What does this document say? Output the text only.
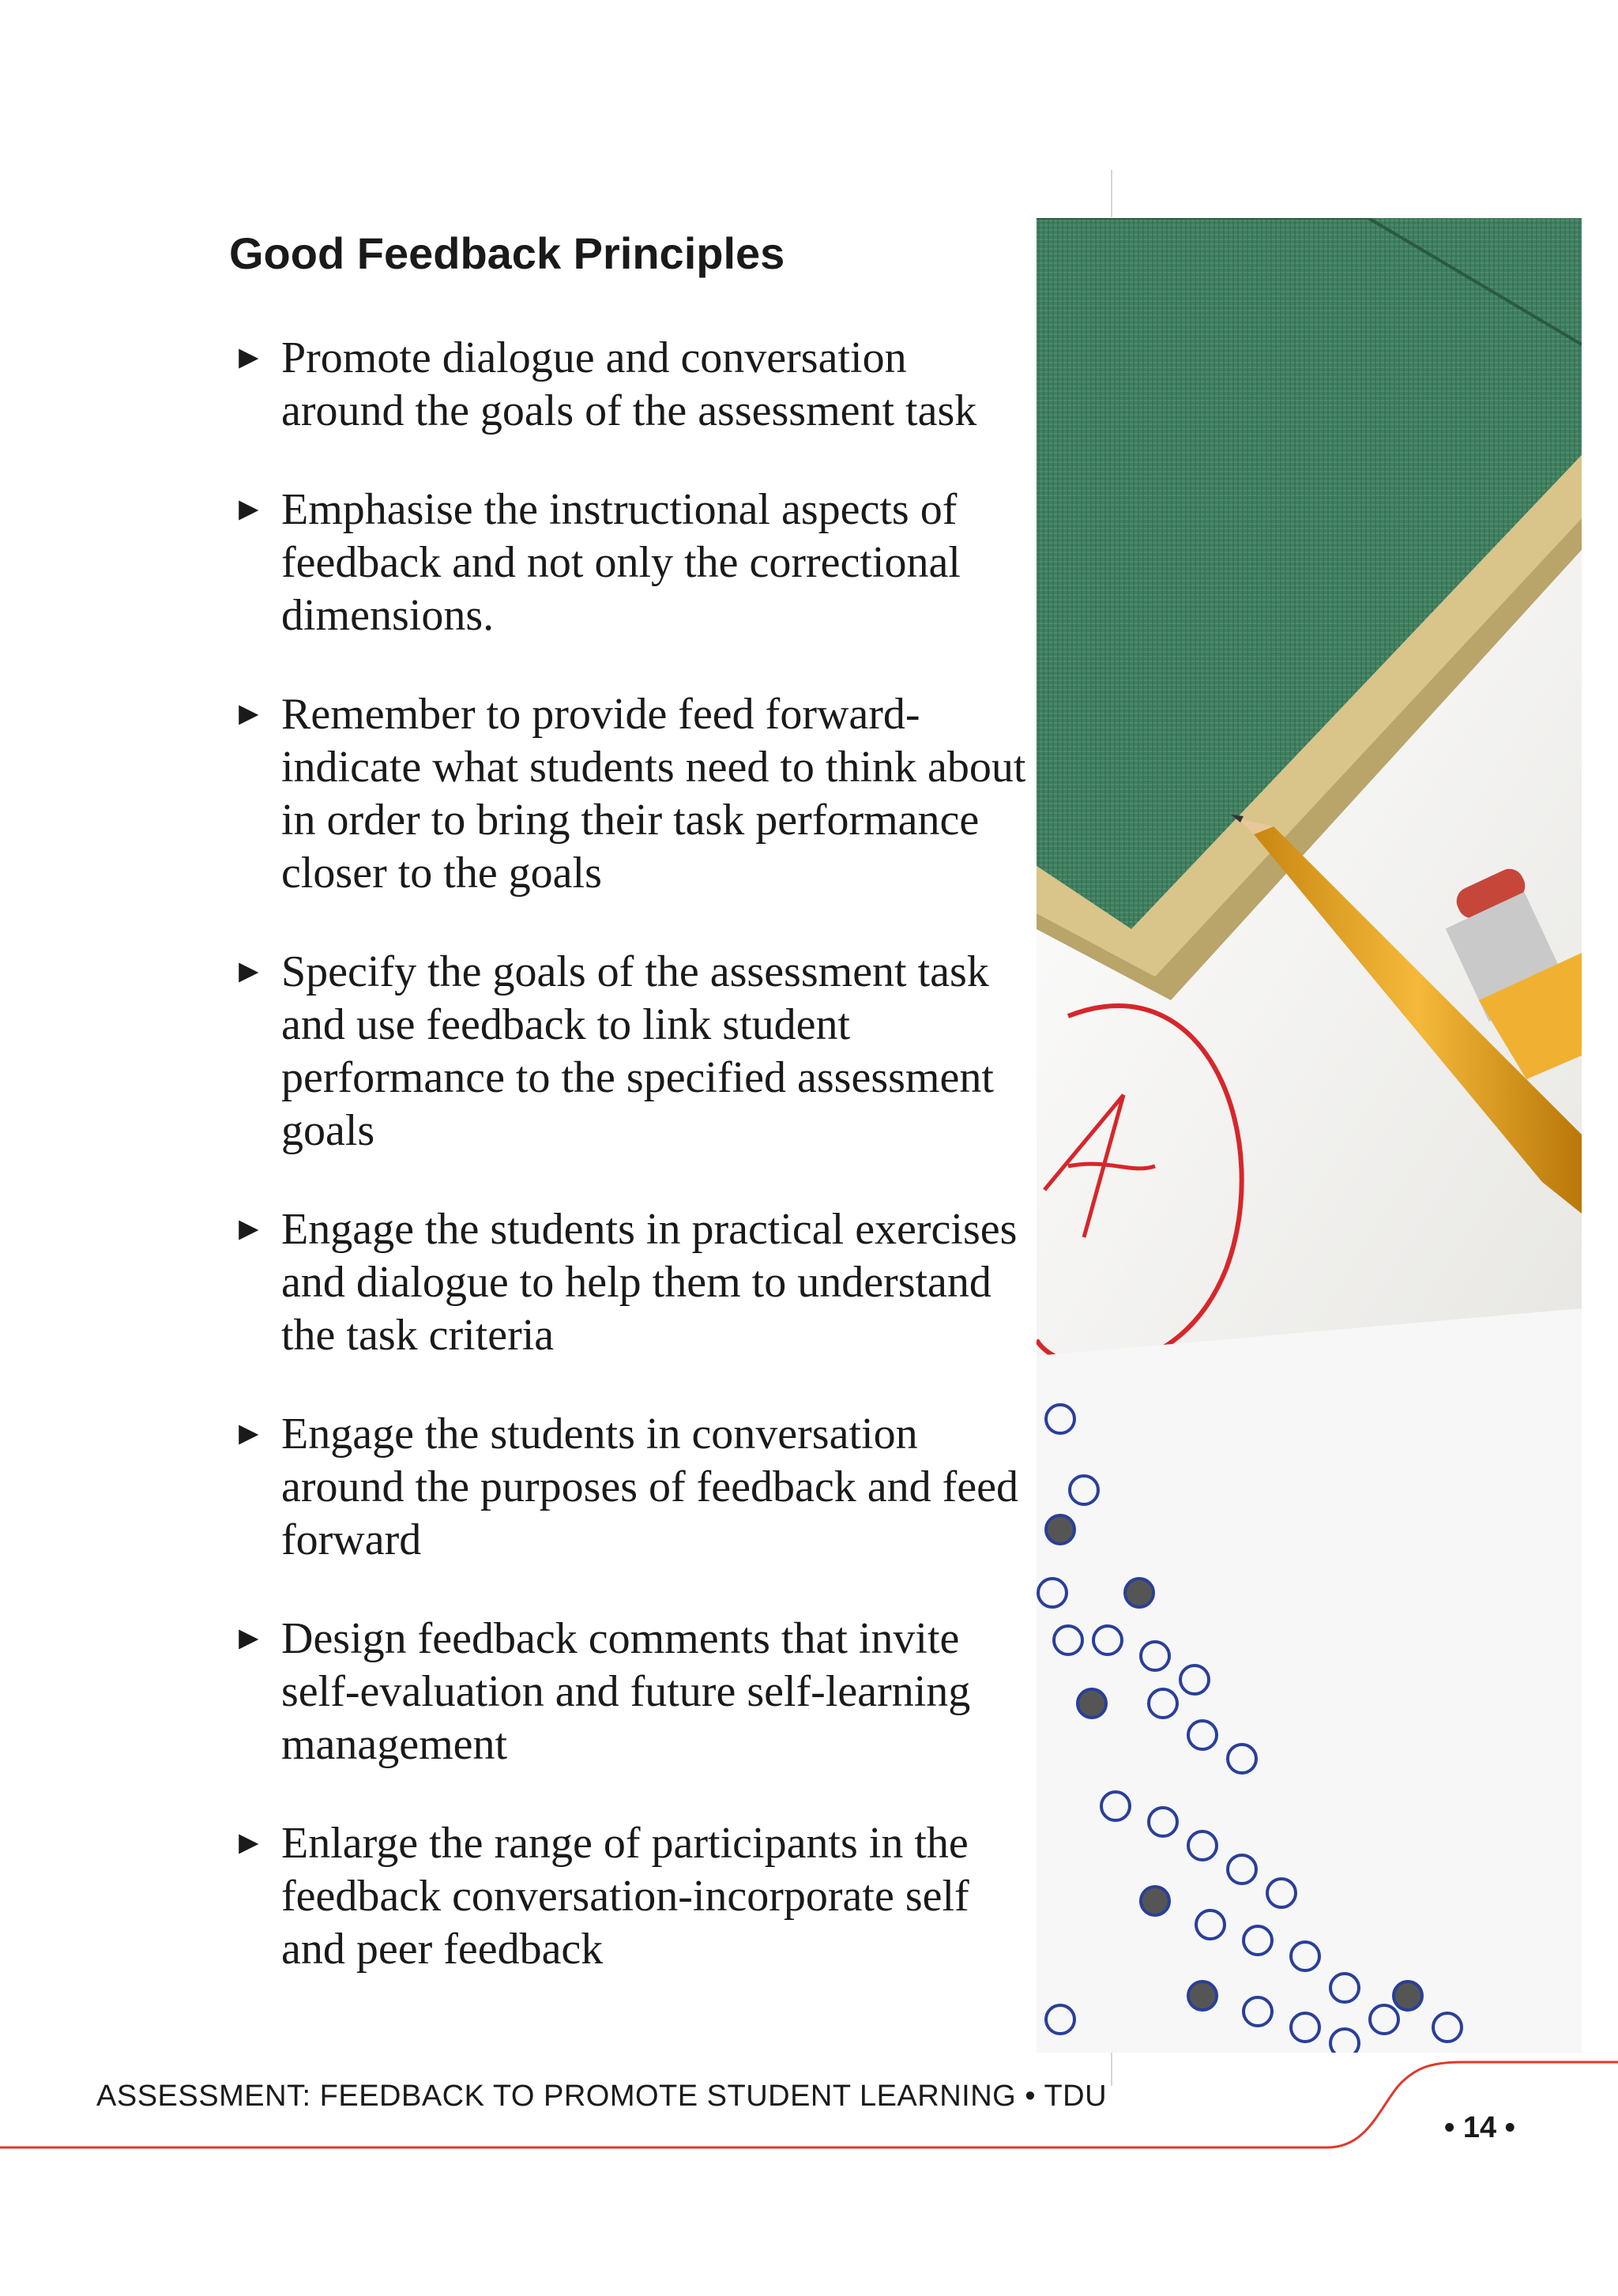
Good Feedback Principles
► Promote dialogue and conversation around the goals of the assessment task
► Emphasise the instructional aspects of feedback and not only the correctional dimensions.
► Remember to provide feed forward-indicate what students need to think about in order to bring their task performance closer to the goals
► Specify the goals of the assessment task and use feedback to link student performance to the specified assessment goals
► Engage the students in practical exercises and dialogue to help them to understand the task criteria
► Engage the students in conversation around the purposes of feedback and feed forward
► Design feedback comments that invite self-evaluation and future self-learning management
► Enlarge the range of participants in the feedback conversation-incorporate self and peer feedback
ASSESSMENT: FEEDBACK TO PROMOTE STUDENT LEARNING • TDU
• 14 •
